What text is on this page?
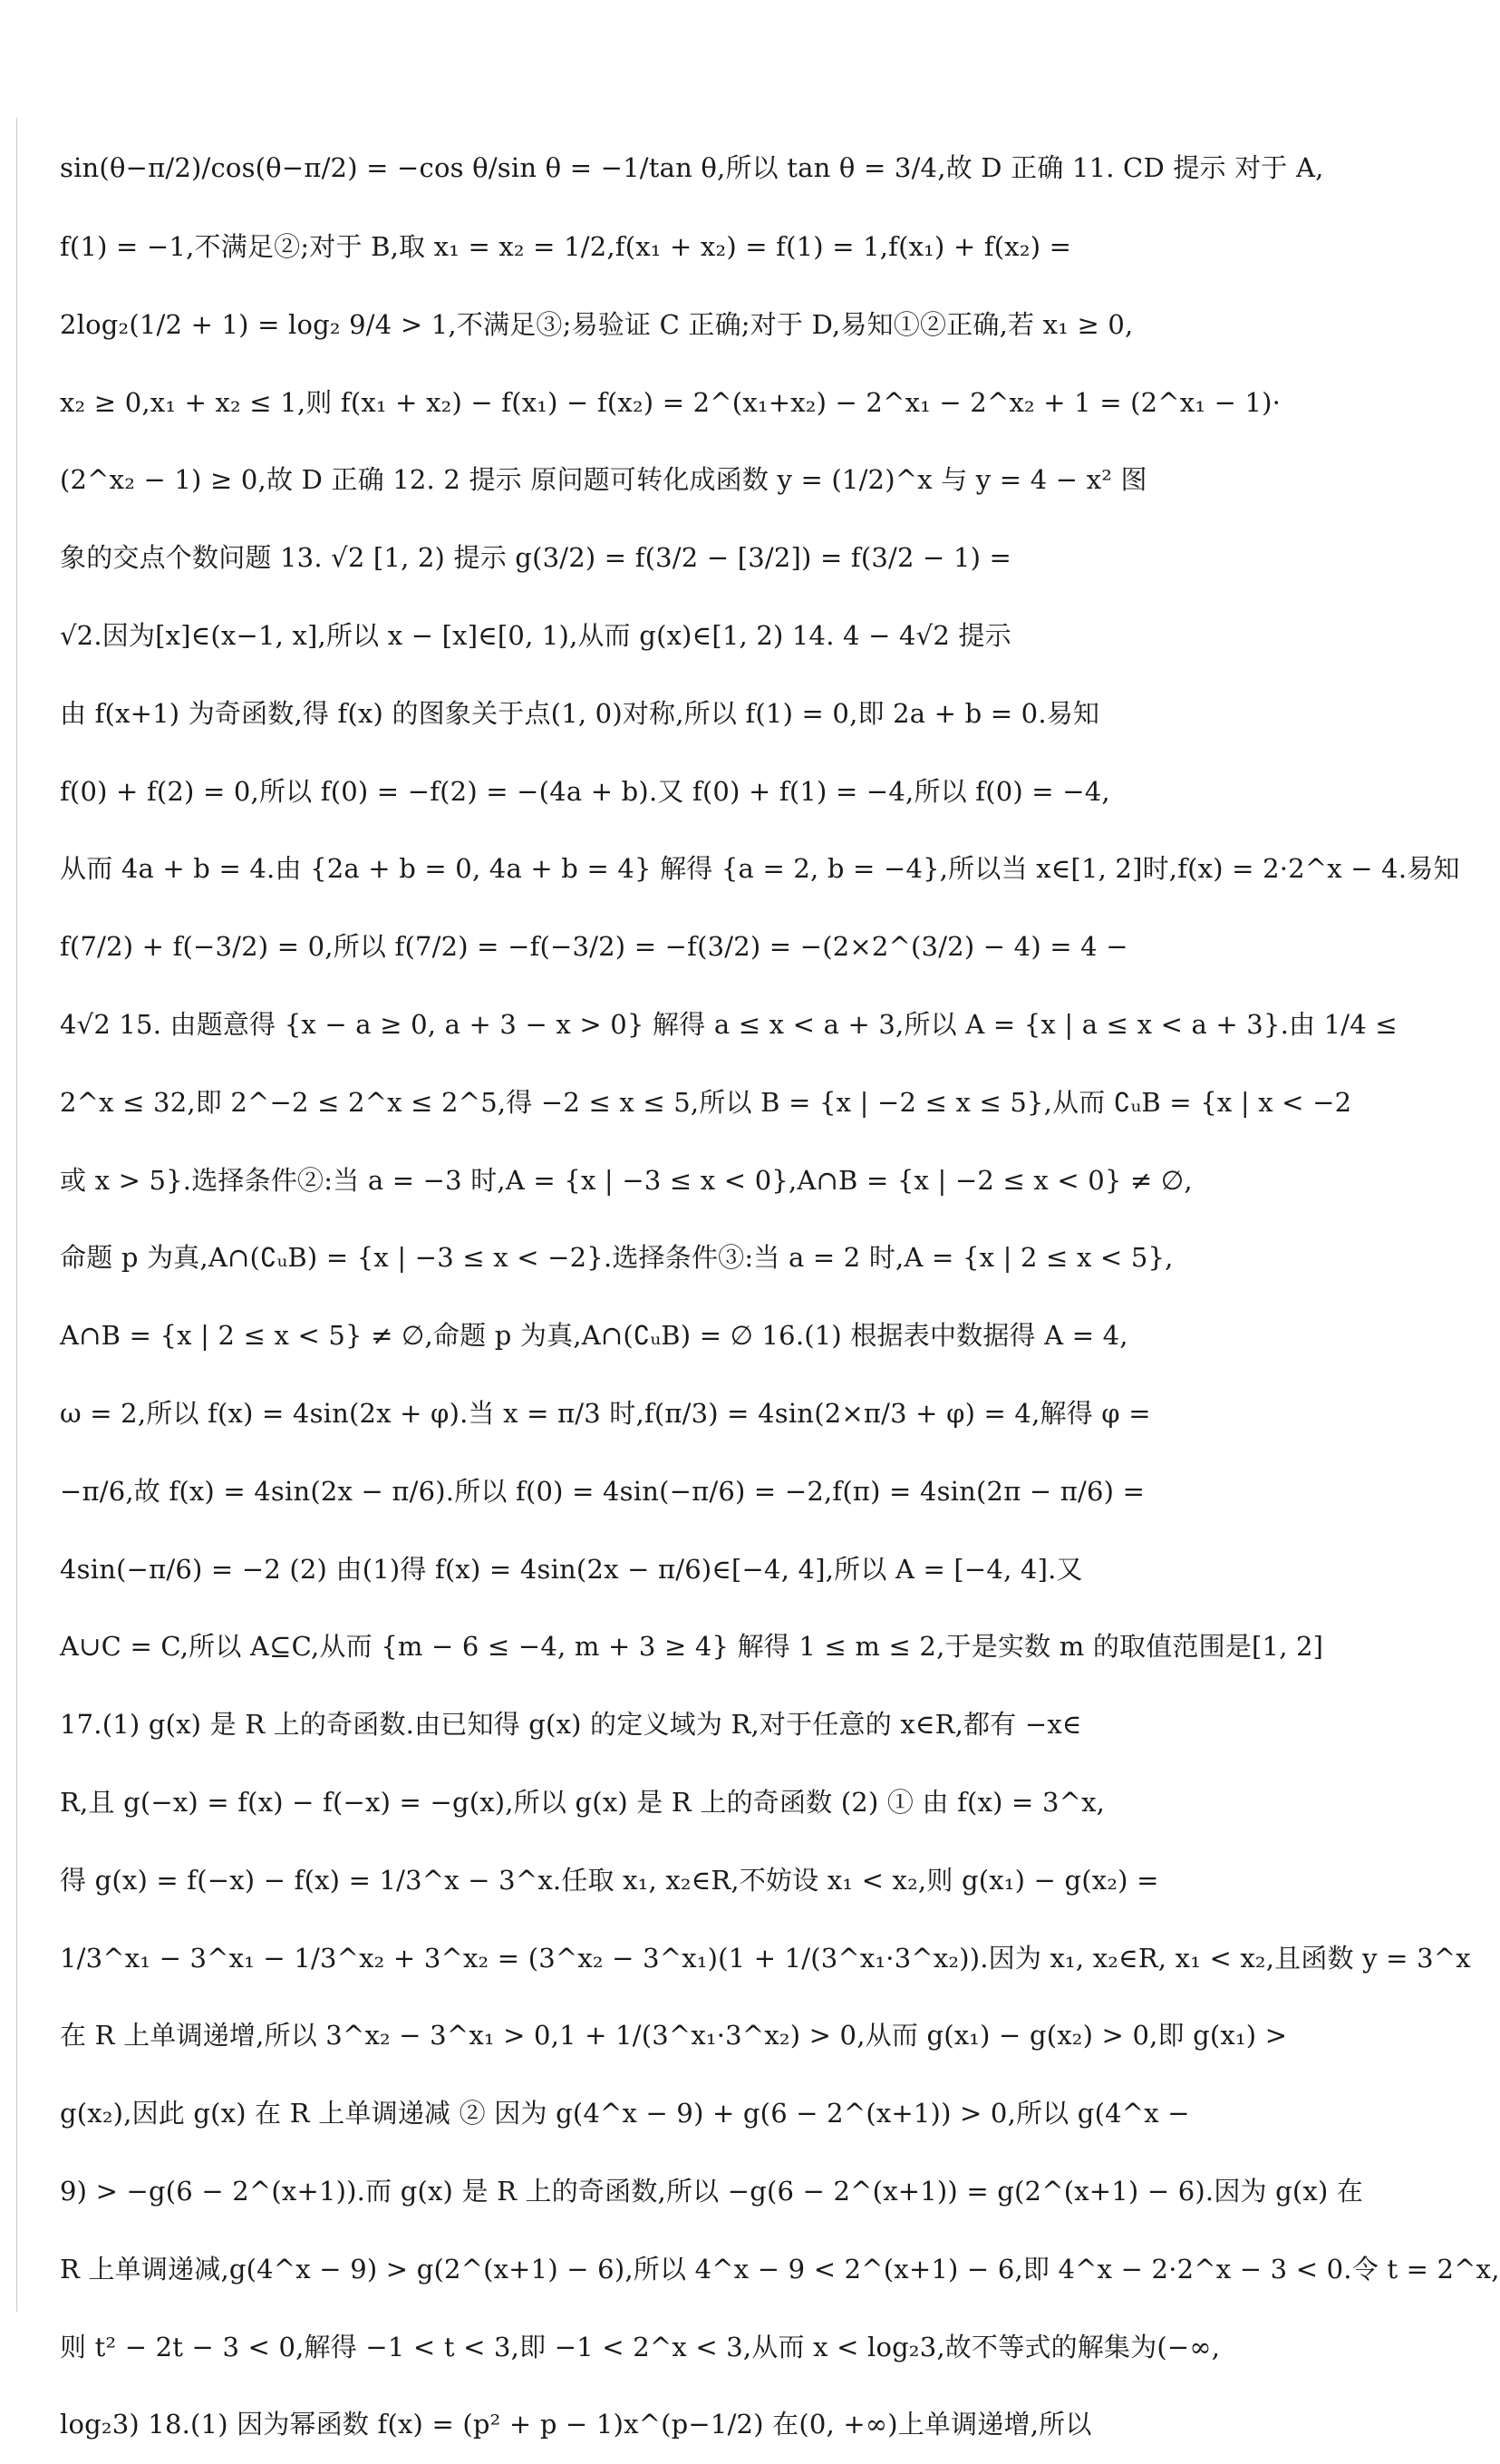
sin(θ−π/2)/cos(θ−π/2) = −cos θ/sin θ = −1/tan θ,所以 tan θ = 3/4,故 D 正确 11. CD 提示 对于 A,
f(1) = −1,不满足②;对于 B,取 x₁ = x₂ = 1/2,f(x₁ + x₂) = f(1) = 1,f(x₁) + f(x₂) =
2log₂(1/2 + 1) = log₂ 9/4 > 1,不满足③;易验证 C 正确;对于 D,易知①②正确,若 x₁ ≥ 0,
x₂ ≥ 0,x₁ + x₂ ≤ 1,则 f(x₁ + x₂) − f(x₁) − f(x₂) = 2^(x₁+x₂) − 2^x₁ − 2^x₂ + 1 = (2^x₁ − 1)·
(2^x₂ − 1) ≥ 0,故 D 正确 12. 2 提示 原问题可转化成函数 y = (1/2)^x 与 y = 4 − x² 图
象的交点个数问题 13. √2 [1, 2) 提示 g(3/2) = f(3/2 − [3/2]) = f(3/2 − 1) =
√2.因为[x]∈(x−1, x],所以 x − [x]∈[0, 1),从而 g(x)∈[1, 2) 14. 4 − 4√2 提示
由 f(x+1) 为奇函数,得 f(x) 的图象关于点(1, 0)对称,所以 f(1) = 0,即 2a + b = 0.易知
f(0) + f(2) = 0,所以 f(0) = −f(2) = −(4a + b).又 f(0) + f(1) = −4,所以 f(0) = −4,
从而 4a + b = 4.由 {2a + b = 0, 4a + b = 4} 解得 {a = 2, b = −4},所以当 x∈[1, 2]时,f(x) = 2·2^x − 4.易知
f(7/2) + f(−3/2) = 0,所以 f(7/2) = −f(−3/2) = −f(3/2) = −(2×2^(3/2) − 4) = 4 −
4√2 15. 由题意得 {x − a ≥ 0, a + 3 − x > 0} 解得 a ≤ x < a + 3,所以 A = {x | a ≤ x < a + 3}.由 1/4 ≤
2^x ≤ 32,即 2^−2 ≤ 2^x ≤ 2^5,得 −2 ≤ x ≤ 5,所以 B = {x | −2 ≤ x ≤ 5},从而 ∁ᵤB = {x | x < −2
或 x > 5}.选择条件②:当 a = −3 时,A = {x | −3 ≤ x < 0},A∩B = {x | −2 ≤ x < 0} ≠ ∅,
命题 p 为真,A∩(∁ᵤB) = {x | −3 ≤ x < −2}.选择条件③:当 a = 2 时,A = {x | 2 ≤ x < 5},
A∩B = {x | 2 ≤ x < 5} ≠ ∅,命题 p 为真,A∩(∁ᵤB) = ∅ 16.(1) 根据表中数据得 A = 4,
ω = 2,所以 f(x) = 4sin(2x + φ).当 x = π/3 时,f(π/3) = 4sin(2×π/3 + φ) = 4,解得 φ =
−π/6,故 f(x) = 4sin(2x − π/6).所以 f(0) = 4sin(−π/6) = −2,f(π) = 4sin(2π − π/6) =
4sin(−π/6) = −2 (2) 由(1)得 f(x) = 4sin(2x − π/6)∈[−4, 4],所以 A = [−4, 4].又
A∪C = C,所以 A⊆C,从而 {m − 6 ≤ −4, m + 3 ≥ 4} 解得 1 ≤ m ≤ 2,于是实数 m 的取值范围是[1, 2]
17.(1) g(x) 是 R 上的奇函数.由已知得 g(x) 的定义域为 R,对于任意的 x∈R,都有 −x∈
R,且 g(−x) = f(x) − f(−x) = −g(x),所以 g(x) 是 R 上的奇函数 (2) ① 由 f(x) = 3^x,
得 g(x) = f(−x) − f(x) = 1/3^x − 3^x.任取 x₁, x₂∈R,不妨设 x₁ < x₂,则 g(x₁) − g(x₂) =
1/3^x₁ − 3^x₁ − 1/3^x₂ + 3^x₂ = (3^x₂ − 3^x₁)(1 + 1/(3^x₁·3^x₂)).因为 x₁, x₂∈R, x₁ < x₂,且函数 y = 3^x
在 R 上单调递增,所以 3^x₂ − 3^x₁ > 0,1 + 1/(3^x₁·3^x₂) > 0,从而 g(x₁) − g(x₂) > 0,即 g(x₁) >
g(x₂),因此 g(x) 在 R 上单调递减 ② 因为 g(4^x − 9) + g(6 − 2^(x+1)) > 0,所以 g(4^x −
9) > −g(6 − 2^(x+1)).而 g(x) 是 R 上的奇函数,所以 −g(6 − 2^(x+1)) = g(2^(x+1) − 6).因为 g(x) 在
R 上单调递减,g(4^x − 9) > g(2^(x+1) − 6),所以 4^x − 9 < 2^(x+1) − 6,即 4^x − 2·2^x − 3 < 0.令 t = 2^x,
则 t² − 2t − 3 < 0,解得 −1 < t < 3,即 −1 < 2^x < 3,从而 x < log₂3,故不等式的解集为(−∞,
log₂3) 18.(1) 因为幂函数 f(x) = (p² + p − 1)x^(p−1/2) 在(0, +∞)上单调递增,所以
